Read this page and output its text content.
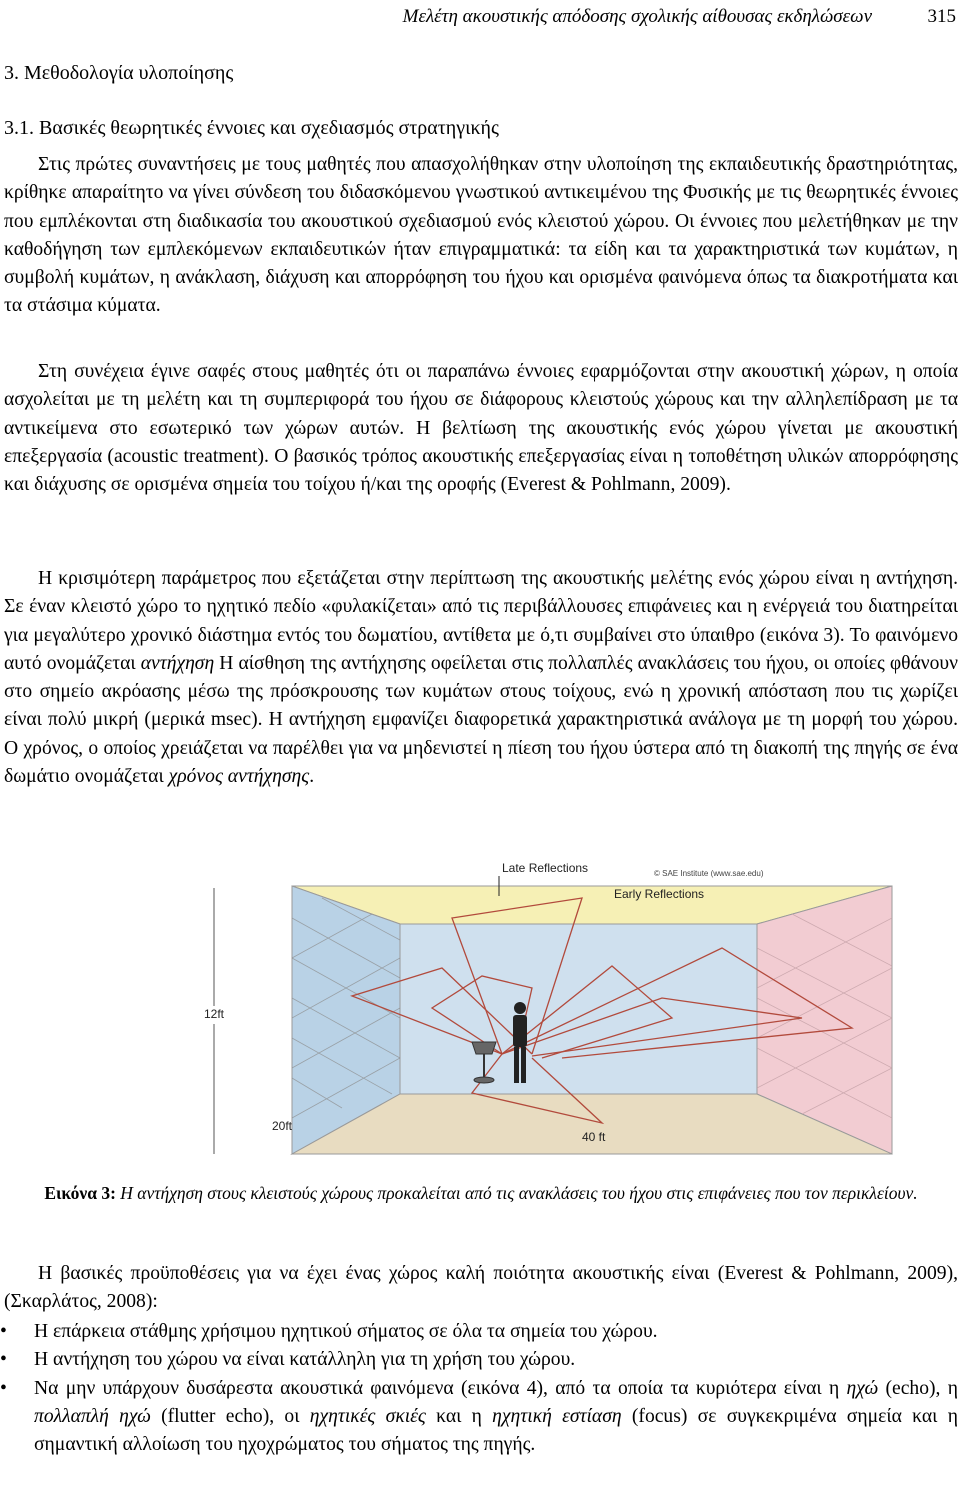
Μελέτη ακουστικής απόδοσης σχολικής αίθουσας εκδηλώσεων	315
3. Μεθοδολογία υλοποίησης
3.1. Βασικές θεωρητικές έννοιες και σχεδιασμός στρατηγικής

Στις πρώτες συναντήσεις με τους μαθητές που απασχολήθηκαν στην υλοποίηση της εκπαιδευτικής δραστηριότητας, κρίθηκε απαραίτητο να γίνει σύνδεση του διδασκόμενου γνωστικού αντικειμένου της Φυσικής με τις θεωρητικές έννοιες που εμπλέκονται στη διαδικασία του ακουστικού σχεδιασμού ενός κλειστού χώρου. Οι έννοιες που μελετήθηκαν με την καθοδήγηση των εμπλεκόμενων εκπαιδευτικών ήταν επιγραμματικά: τα είδη και τα χαρακτηριστικά των κυμάτων, η συμβολή κυμάτων, η ανάκλαση, διάχυση και απορρόφηση του ήχου και ορισμένα φαινόμενα όπως τα διακροτήματα και τα στάσιμα κύματα.

Στη συνέχεια έγινε σαφές στους μαθητές ότι οι παραπάνω έννοιες εφαρμόζονται στην ακουστική χώρων, η οποία ασχολείται με τη μελέτη και τη συμπεριφορά του ήχου σε διάφορους κλειστούς χώρους και την αλληλεπίδραση με τα αντικείμενα στο εσωτερικό των χώρων αυτών. Η βελτίωση της ακουστικής ενός χώρου γίνεται με ακουστική επεξεργασία (acoustic treatment). Ο βασικός τρόπος ακουστικής επεξεργασίας είναι η τοποθέτηση υλικών απορρόφησης και διάχυσης σε ορισμένα σημεία του τοίχου ή/και της οροφής (Everest & Pohlmann, 2009).

Η κρισιμότερη παράμετρος που εξετάζεται στην περίπτωση της ακουστικής μελέτης ενός χώρου είναι η αντήχηση. Σε έναν κλειστό χώρο το ηχητικό πεδίο «φυλακίζεται» από τις περιβάλλουσες επιφάνειες και η ενέργειά του διατηρείται για μεγαλύτερο χρονικό διάστημα εντός του δωματίου, αντίθετα με ό,τι συμβαίνει στο ύπαιθρο (εικόνα 3). Το φαινόμενο αυτό ονομάζεται αντήχηση Η αίσθηση της αντήχησης οφείλεται στις πολλαπλές ανακλάσεις του ήχου, οι οποίες φθάνουν στο σημείο ακρόασης μέσω της πρόσκρουσης των κυμάτων στους τοίχους, ενώ η χρονική απόσταση που τις χωρίζει είναι πολύ μικρή (μερικά msec). Η αντήχηση εμφανίζει διαφορετικά χαρακτηριστικά ανάλογα με τη μορφή του χώρου. Ο χρόνος, ο οποίος χρειάζεται να παρέλθει για να μηδενιστεί η πίεση του ήχου ύστερα από τη διακοπή της πηγής σε ένα δωμάτιο ονομάζεται χρόνος αντήχησης.

Late Reflections
Early Reflections
© SAE Institute (www.sae.edu)
12ft
20ft
40 ft
Εικόνα 3: Η αντήχηση στους κλειστούς χώρους προκαλείται από τις ανακλάσεις του ήχου στις επιφάνειες που τον περικλείουν.

Η βασικές προϋποθέσεις για να έχει ένας χώρος καλή ποιότητα ακουστικής είναι (Everest & Pohlmann, 2009), (Σκαρλάτος, 2008):

• Η επάρκεια στάθμης χρήσιμου ηχητικού σήματος σε όλα τα σημεία του χώρου.
• Η αντήχηση του χώρου να είναι κατάλληλη για τη χρήση του χώρου.
• Να μην υπάρχουν δυσάρεστα ακουστικά φαινόμενα (εικόνα 4), από τα οποία τα κυριότερα είναι η ηχώ (echo), η πολλαπλή ηχώ (flutter echo), οι ηχητικές σκιές και η ηχητική εστίαση (focus) σε συγκεκριμένα σημεία και η σημαντική αλλοίωση του ηχοχρώματος του σήματος της πηγής.
